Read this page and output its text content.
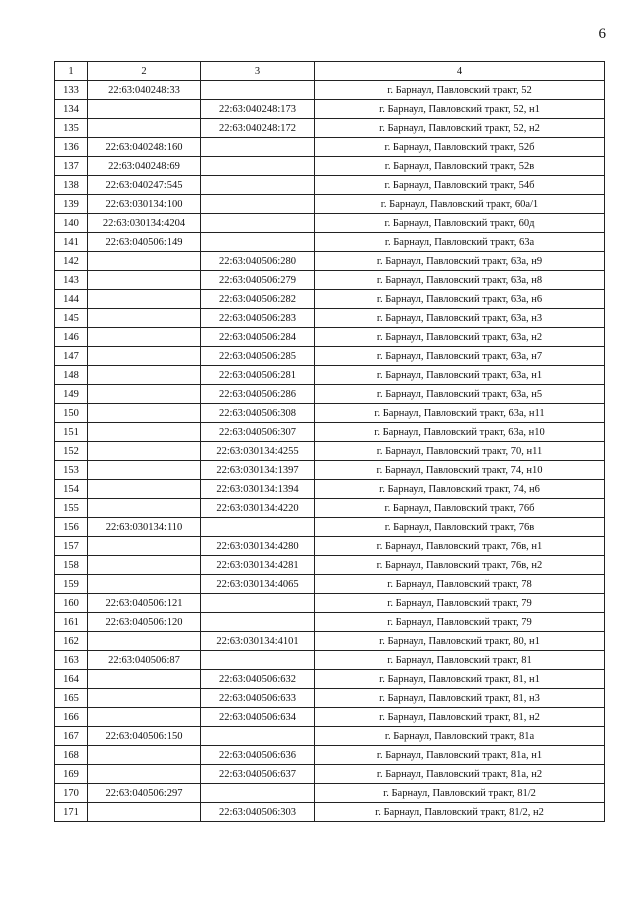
6
1	2	3	4
133	22:63:040248:33		г. Барнаул, Павловский тракт, 52
134		22:63:040248:173	г. Барнаул, Павловский тракт, 52, н1
135		22:63:040248:172	г. Барнаул, Павловский тракт, 52, н2
136	22:63:040248:160		г. Барнаул, Павловский тракт, 52б
137	22:63:040248:69		г. Барнаул, Павловский тракт, 52в
138	22:63:040247:545		г. Барнаул, Павловский тракт, 54б
139	22:63:030134:100		г. Барнаул, Павловский тракт, 60а/1
140	22:63:030134:4204		г. Барнаул, Павловский тракт, 60д
141	22:63:040506:149		г. Барнаул, Павловский тракт, 63а
142		22:63:040506:280	г. Барнаул, Павловский тракт, 63а, н9
143		22:63:040506:279	г. Барнаул, Павловский тракт, 63а, н8
144		22:63:040506:282	г. Барнаул, Павловский тракт, 63а, н6
145		22:63:040506:283	г. Барнаул, Павловский тракт, 63а, н3
146		22:63:040506:284	г. Барнаул, Павловский тракт, 63а, н2
147		22:63:040506:285	г. Барнаул, Павловский тракт, 63а, н7
148		22:63:040506:281	г. Барнаул, Павловский тракт, 63а, н1
149		22:63:040506:286	г. Барнаул, Павловский тракт, 63а, н5
150		22:63:040506:308	г. Барнаул, Павловский тракт, 63а, н11
151		22:63:040506:307	г. Барнаул, Павловский тракт, 63а, н10
152		22:63:030134:4255	г. Барнаул, Павловский тракт, 70, н11
153		22:63:030134:1397	г. Барнаул, Павловский тракт, 74, н10
154		22:63:030134:1394	г. Барнаул, Павловский тракт, 74, н6
155		22:63:030134:4220	г. Барнаул, Павловский тракт, 76б
156	22:63:030134:110		г. Барнаул, Павловский тракт, 76в
157		22:63:030134:4280	г. Барнаул, Павловский тракт, 76в, н1
158		22:63:030134:4281	г. Барнаул, Павловский тракт, 76в, н2
159		22:63:030134:4065	г. Барнаул, Павловский тракт, 78
160	22:63:040506:121		г. Барнаул, Павловский тракт, 79
161	22:63:040506:120		г. Барнаул, Павловский тракт, 79
162		22:63:030134:4101	г. Барнаул, Павловский тракт, 80, н1
163	22:63:040506:87		г. Барнаул, Павловский тракт, 81
164		22:63:040506:632	г. Барнаул, Павловский тракт, 81, н1
165		22:63:040506:633	г. Барнаул, Павловский тракт, 81, н3
166		22:63:040506:634	г. Барнаул, Павловский тракт, 81, н2
167	22:63:040506:150		г. Барнаул, Павловский тракт, 81а
168		22:63:040506:636	г. Барнаул, Павловский тракт, 81а, н1
169		22:63:040506:637	г. Барнаул, Павловский тракт, 81а, н2
170	22:63:040506:297		г. Барнаул, Павловский тракт, 81/2
171		22:63:040506:303	г. Барнаул, Павловский тракт, 81/2, н2
